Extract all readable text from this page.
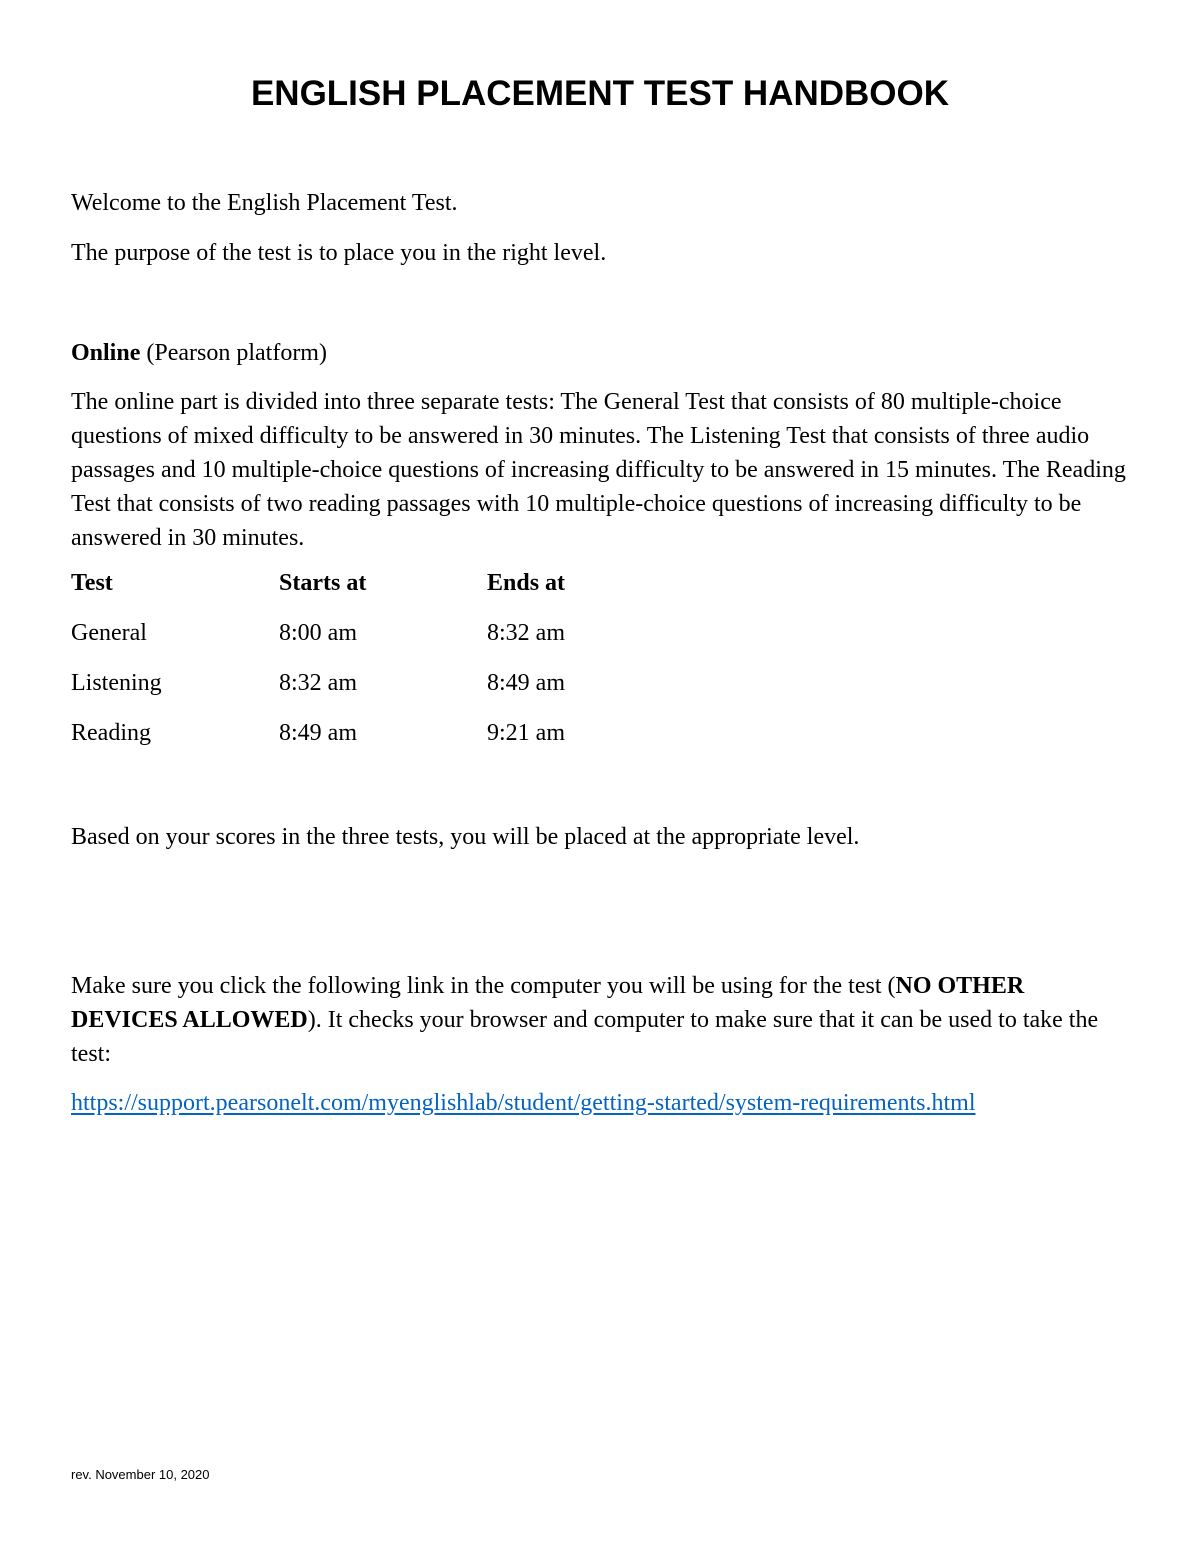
ENGLISH PLACEMENT TEST HANDBOOK

Welcome to the English Placement Test.

The purpose of the test is to place you in the right level.

Online (Pearson platform)

The online part is divided into three separate tests: The General Test that consists of 80 multiple-choice questions of mixed difficulty to be answered in 30 minutes. The Listening Test that consists of three audio passages and 10 multiple-choice questions of increasing difficulty to be answered in 15 minutes. The Reading Test that consists of two reading passages with 10 multiple-choice questions of increasing difficulty to be answered in 30 minutes.

Test	Starts at	Ends at
General	8:00 am	8:32 am
Listening	8:32 am	8:49 am
Reading	8:49 am	9:21 am

Based on your scores in the three tests, you will be placed at the appropriate level.

Make sure you click the following link in the computer you will be using for the test (NO OTHER DEVICES ALLOWED). It checks your browser and computer to make sure that it can be used to take the test:

https://support.pearsonelt.com/myenglishlab/student/getting-started/system-requirements.html

rev. November 10, 2020
